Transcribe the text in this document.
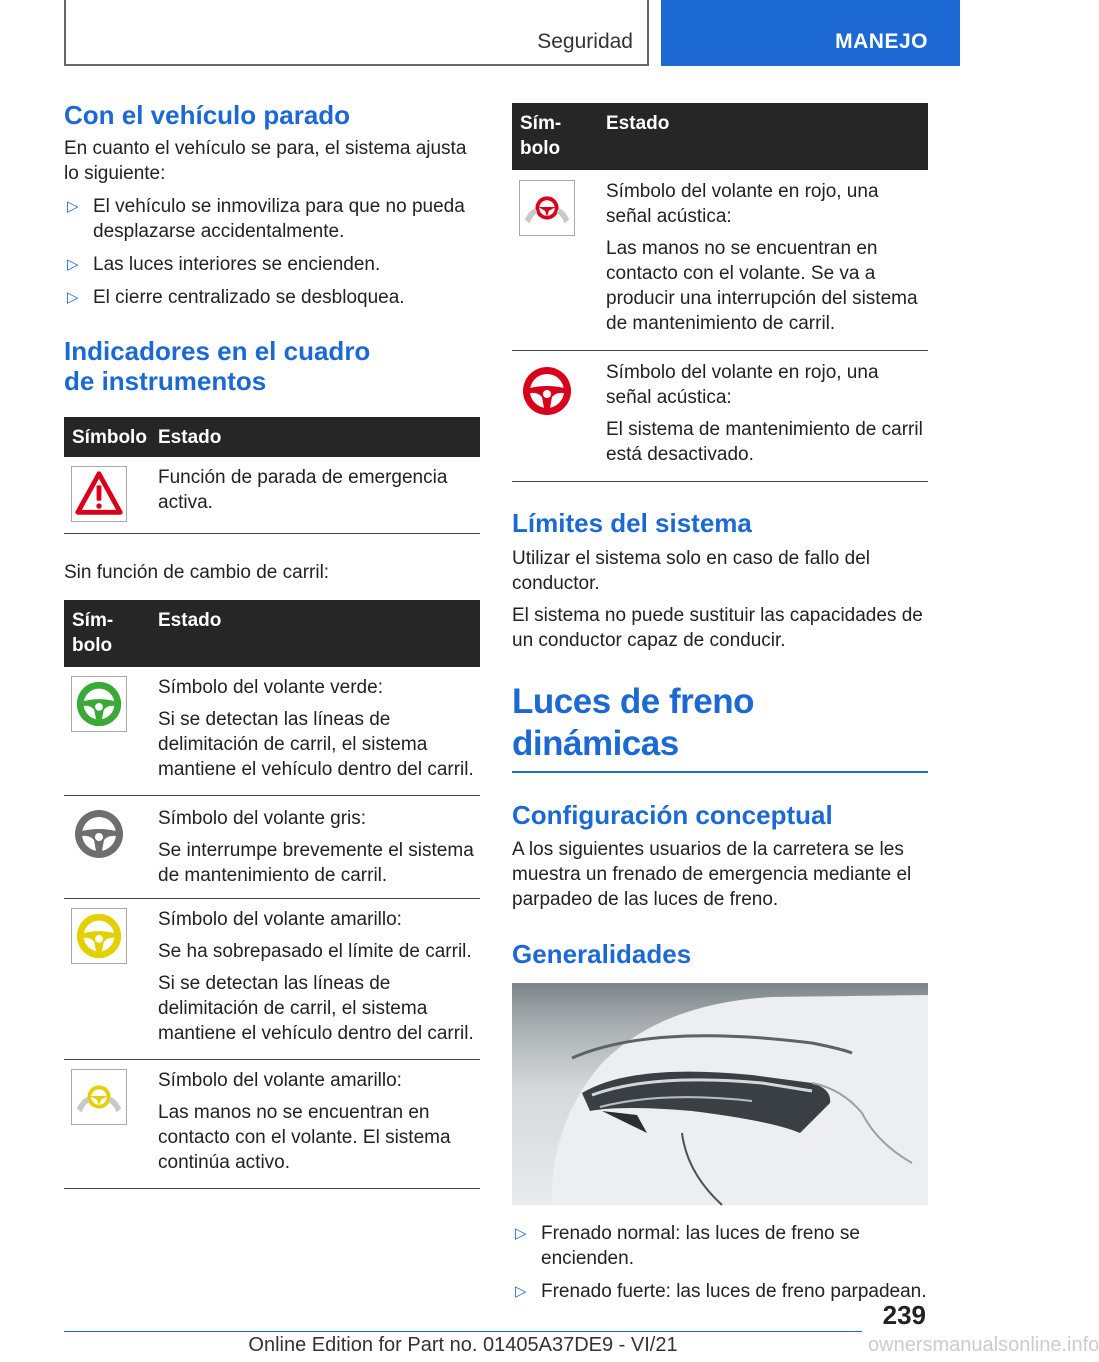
Seguridad	MANEJO
Con el vehículo parado

En cuanto el vehículo se para, el sistema ajusta lo siguiente:

▷ El vehículo se inmoviliza para que no pueda desplazarse accidentalmente.
▷ Las luces interiores se encienden.
▷ El cierre centralizado se desbloquea.
Indicadores en el cuadro
de instrumentos
Símbolo	Estado

Función de parada de emergencia activa.

Sin función de cambio de carril:

Sím-
bolo	Estado

Símbolo del volante verde:

Si se detectan las líneas de delimitación de carril, el sistema mantiene el vehículo dentro del carril.

Símbolo del volante gris:

Se interrumpe brevemente el sistema de mantenimiento de carril.

Símbolo del volante amarillo:

Se ha sobrepasado el límite de carril.

Si se detectan las líneas de delimitación de carril, el sistema mantiene el vehículo dentro del carril.

Símbolo del volante amarillo:

Las manos no se encuentran en contacto con el volante. El sistema continúa activo.

Sím-
bolo	Estado

Símbolo del volante en rojo, una señal acústica:

Las manos no se encuentran en contacto con el volante. Se va a producir una interrupción del sistema de mantenimiento de carril.

Símbolo del volante en rojo, una señal acústica:

El sistema de mantenimiento de carril está desactivado.

Límites del sistema

Utilizar el sistema solo en caso de fallo del conductor.

El sistema no puede sustituir las capacidades de un conductor capaz de conducir.

Luces de freno dinámicas
Configuración conceptual

A los siguientes usuarios de la carretera se les muestra un frenado de emergencia mediante el parpadeo de las luces de freno.

Generalidades
▷ Frenado normal: las luces de freno se encienden.
▷ Frenado fuerte: las luces de freno parpadean.
239
Online Edition for Part no. 01405A37DE9 - VI/21	ownersmanualsonline.info
